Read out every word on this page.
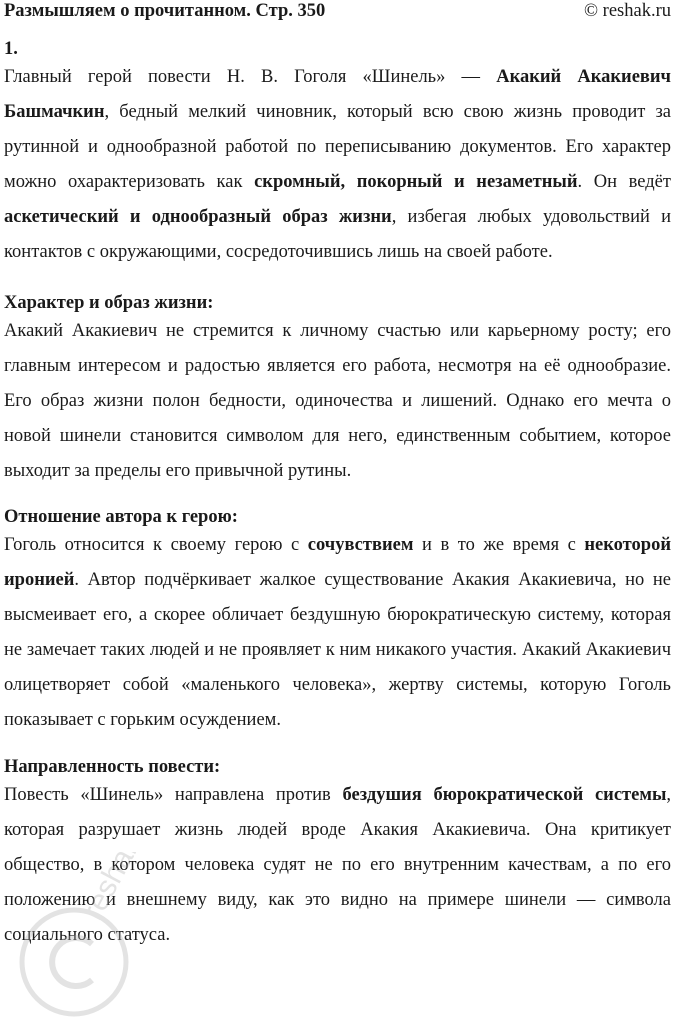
Размышляем о прочитанном. Стр. 350	© reshak.ru
1.

Главный герой повести Н. В. Гоголя «Шинель» — Акакий Акакиевич Башмачкин, бедный мелкий чиновник, который всю свою жизнь проводит за рутинной и однообразной работой по переписыванию документов. Его характер можно охарактеризовать как скромный, покорный и незаметный. Он ведёт аскетический и однообразный образ жизни, избегая любых удовольствий и контактов с окружающими, сосредоточившись лишь на своей работе.

Характер и образ жизни:

Акакий Акакиевич не стремится к личному счастью или карьерному росту; его главным интересом и радостью является его работа, несмотря на её однообразие. Его образ жизни полон бедности, одиночества и лишений. Однако его мечта о новой шинели становится символом для него, единственным событием, которое выходит за пределы его привычной рутины.

Отношение автора к герою:

Гоголь относится к своему герою с сочувствием и в то же время с некоторой иронией. Автор подчёркивает жалкое существование Акакия Акакиевича, но не высмеивает его, а скорее обличает бездушную бюрократическую систему, которая не замечает таких людей и не проявляет к ним никакого участия. Акакий Акакиевич олицетворяет собой «маленького человека», жертву системы, которую Гоголь показывает с горьким осуждением.

Направленность повести:

Повесть «Шинель» направлена против бездушия бюрократической системы, которая разрушает жизнь людей вроде Акакия Акакиевича. Она критикует общество, в котором человека судят не по его внутренним качествам, а по его положению и внешнему виду, как это видно на примере шинели — символа социального статуса.

reshak.ru
